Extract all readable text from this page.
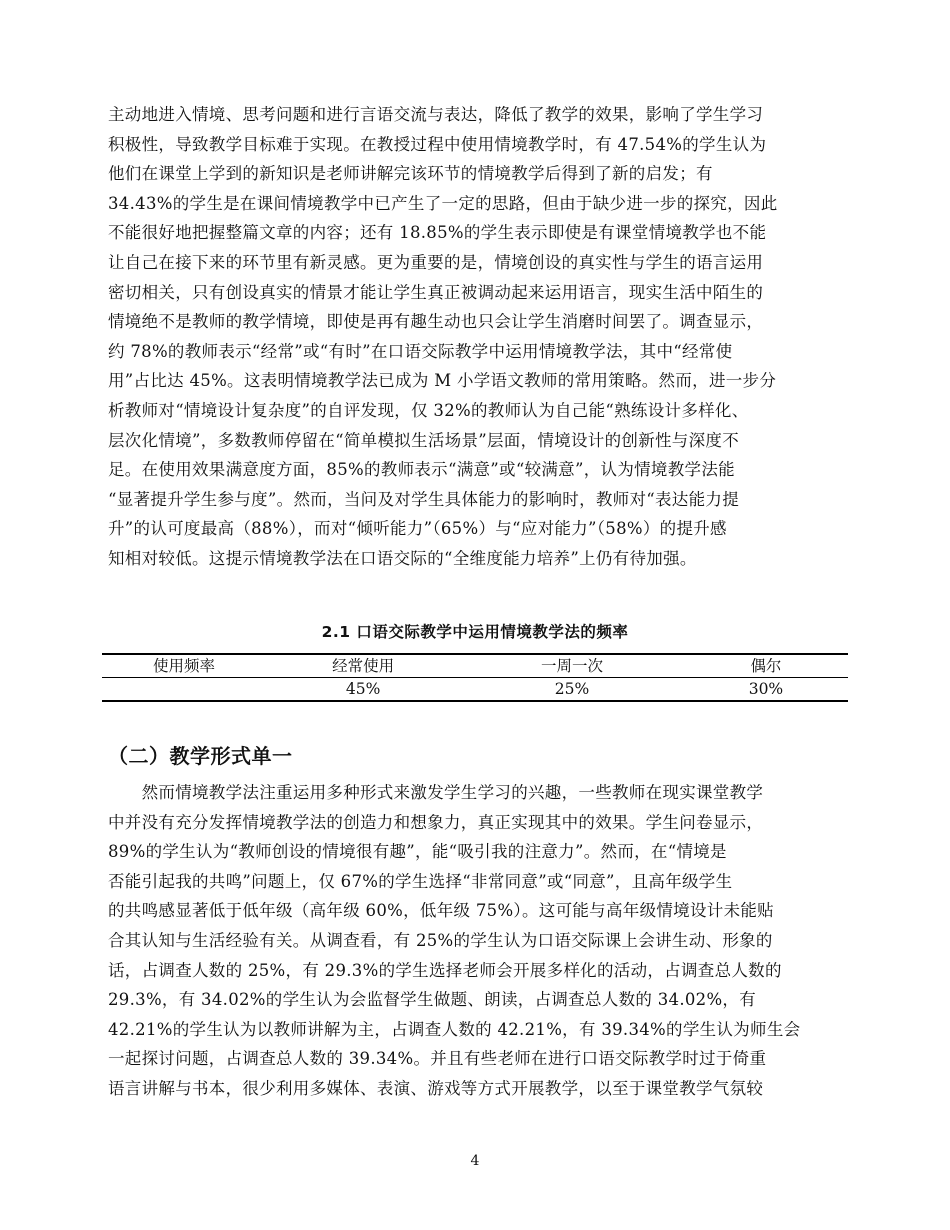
主动地进入情境、思考问题和进行言语交流与表达，降低了教学的效果，影响了学生学习
积极性，导致教学目标难于实现。在教授过程中使用情境教学时，有 47.54%的学生认为
他们在课堂上学到的新知识是老师讲解完该环节的情境教学后得到了新的启发；有
34.43%的学生是在课间情境教学中已产生了一定的思路，但由于缺少进一步的探究，因此
不能很好地把握整篇文章的内容；还有 18.85%的学生表示即使是有课堂情境教学也不能
让自己在接下来的环节里有新灵感。更为重要的是，情境创设的真实性与学生的语言运用
密切相关，只有创设真实的情景才能让学生真正被调动起来运用语言，现实生活中陌生的
情境绝不是教师的教学情境，即使是再有趣生动也只会让学生消磨时间罢了。调查显示，
约 78%的教师表示“经常”或“有时”在口语交际教学中运用情境教学法，其中“经常使
用”占比达 45%。这表明情境教学法已成为 M 小学语文教师的常用策略。然而，进一步分
析教师对“情境设计复杂度”的自评发现，仅 32%的教师认为自己能“熟练设计多样化、
层次化情境”，多数教师停留在“简单模拟生活场景”层面，情境设计的创新性与深度不
足。在使用效果满意度方面，85%的教师表示“满意”或“较满意”，认为情境教学法能
“显著提升学生参与度”。然而，当问及对学生具体能力的影响时，教师对“表达能力提
升”的认可度最高（88%），而对“倾听能力”（65%）与“应对能力”（58%）的提升感
知相对较低。这提示情境教学法在口语交际的“全维度能力培养”上仍有待加强。
2.1 口语交际教学中运用情境教学法的频率
使用频率	经常使用	一周一次	偶尔
	45%	25%	30%
（二）教学形式单一
　　然而情境教学法注重运用多种形式来激发学生学习的兴趣，一些教师在现实课堂教学
中并没有充分发挥情境教学法的创造力和想象力，真正实现其中的效果。学生问卷显示，
89%的学生认为“教师创设的情境很有趣”，能“吸引我的注意力”。然而，在“情境是
否能引起我的共鸣”问题上，仅 67%的学生选择“非常同意”或“同意”，且高年级学生
的共鸣感显著低于低年级（高年级 60%，低年级 75%）。这可能与高年级情境设计未能贴
合其认知与生活经验有关。从调查看，有 25%的学生认为口语交际课上会讲生动、形象的
话，占调查人数的 25%，有 29.3%的学生选择老师会开展多样化的活动，占调查总人数的
29.3%，有 34.02%的学生认为会监督学生做题、朗读，占调查总人数的 34.02%，有
42.21%的学生认为以教师讲解为主，占调查人数的 42.21%，有 39.34%的学生认为师生会
一起探讨问题，占调查总人数的 39.34%。并且有些老师在进行口语交际教学时过于倚重
语言讲解与书本，很少利用多媒体、表演、游戏等方式开展教学，以至于课堂教学气氛较
4
